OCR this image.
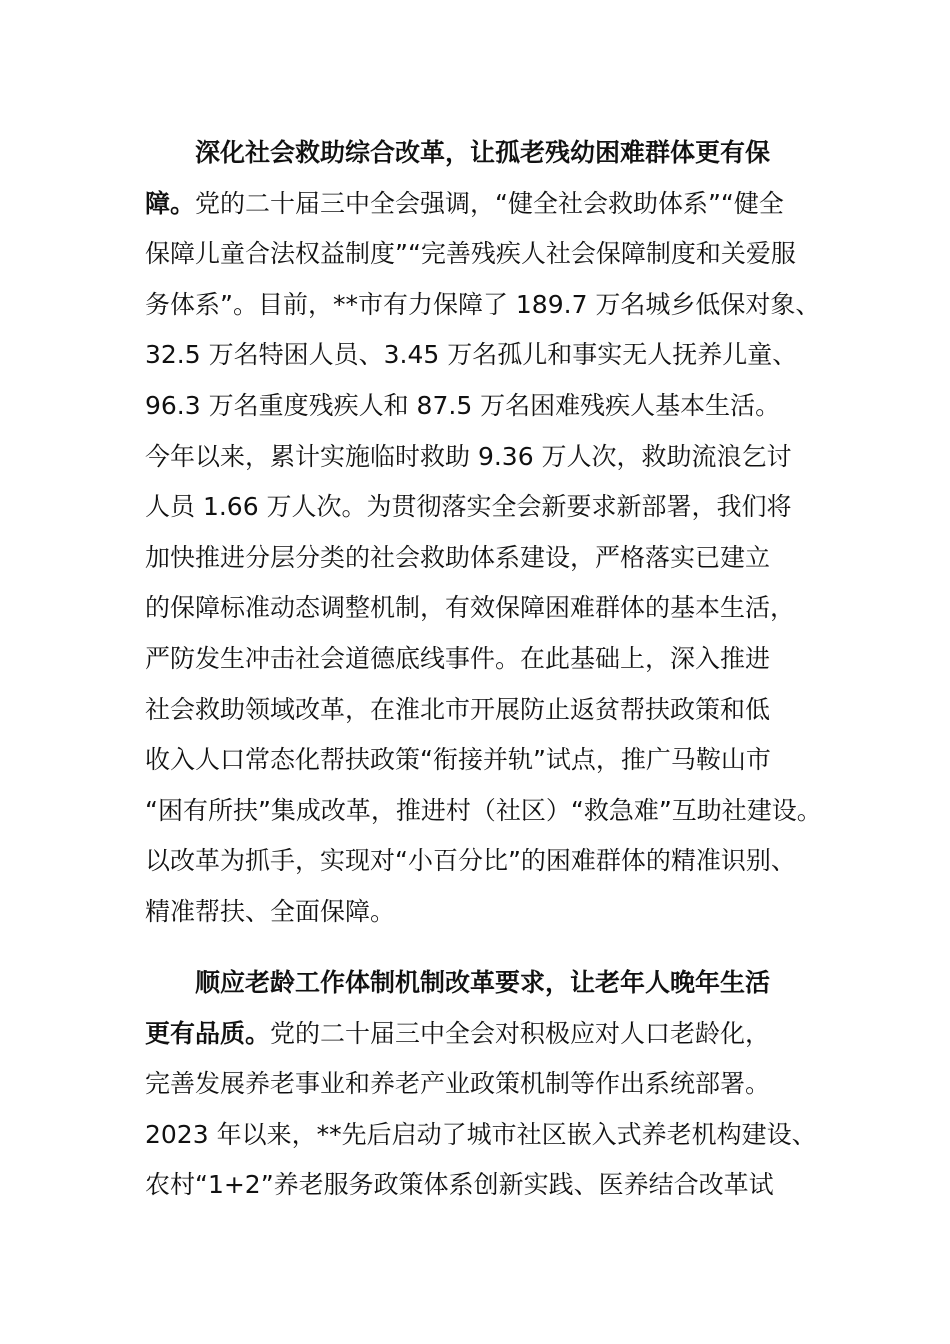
深化社会救助综合改革，让孤老残幼困难群体更有保
障。党的二十届三中全会强调，“健全社会救助体系”“健全
保障儿童合法权益制度”“完善残疾人社会保障制度和关爱服
务体系”。目前，**市有力保障了 189.7 万名城乡低保对象、
32.5 万名特困人员、3.45 万名孤儿和事实无人抚养儿童、
96.3 万名重度残疾人和 87.5 万名困难残疾人基本生活。
今年以来，累计实施临时救助 9.36 万人次，救助流浪乞讨
人员 1.66 万人次。为贯彻落实全会新要求新部署，我们将
加快推进分层分类的社会救助体系建设，严格落实已建立
的保障标准动态调整机制，有效保障困难群体的基本生活，
严防发生冲击社会道德底线事件。在此基础上，深入推进
社会救助领域改革，在淮北市开展防止返贫帮扶政策和低
收入人口常态化帮扶政策“衔接并轨”试点，推广马鞍山市
“困有所扶”集成改革，推进村（社区）“救急难”互助社建设。
以改革为抓手，实现对“小百分比”的困难群体的精准识别、
精准帮扶、全面保障。
顺应老龄工作体制机制改革要求，让老年人晚年生活
更有品质。党的二十届三中全会对积极应对人口老龄化，
完善发展养老事业和养老产业政策机制等作出系统部署。
2023 年以来，**先后启动了城市社区嵌入式养老机构建设、
农村“1+2”养老服务政策体系创新实践、医养结合改革试
